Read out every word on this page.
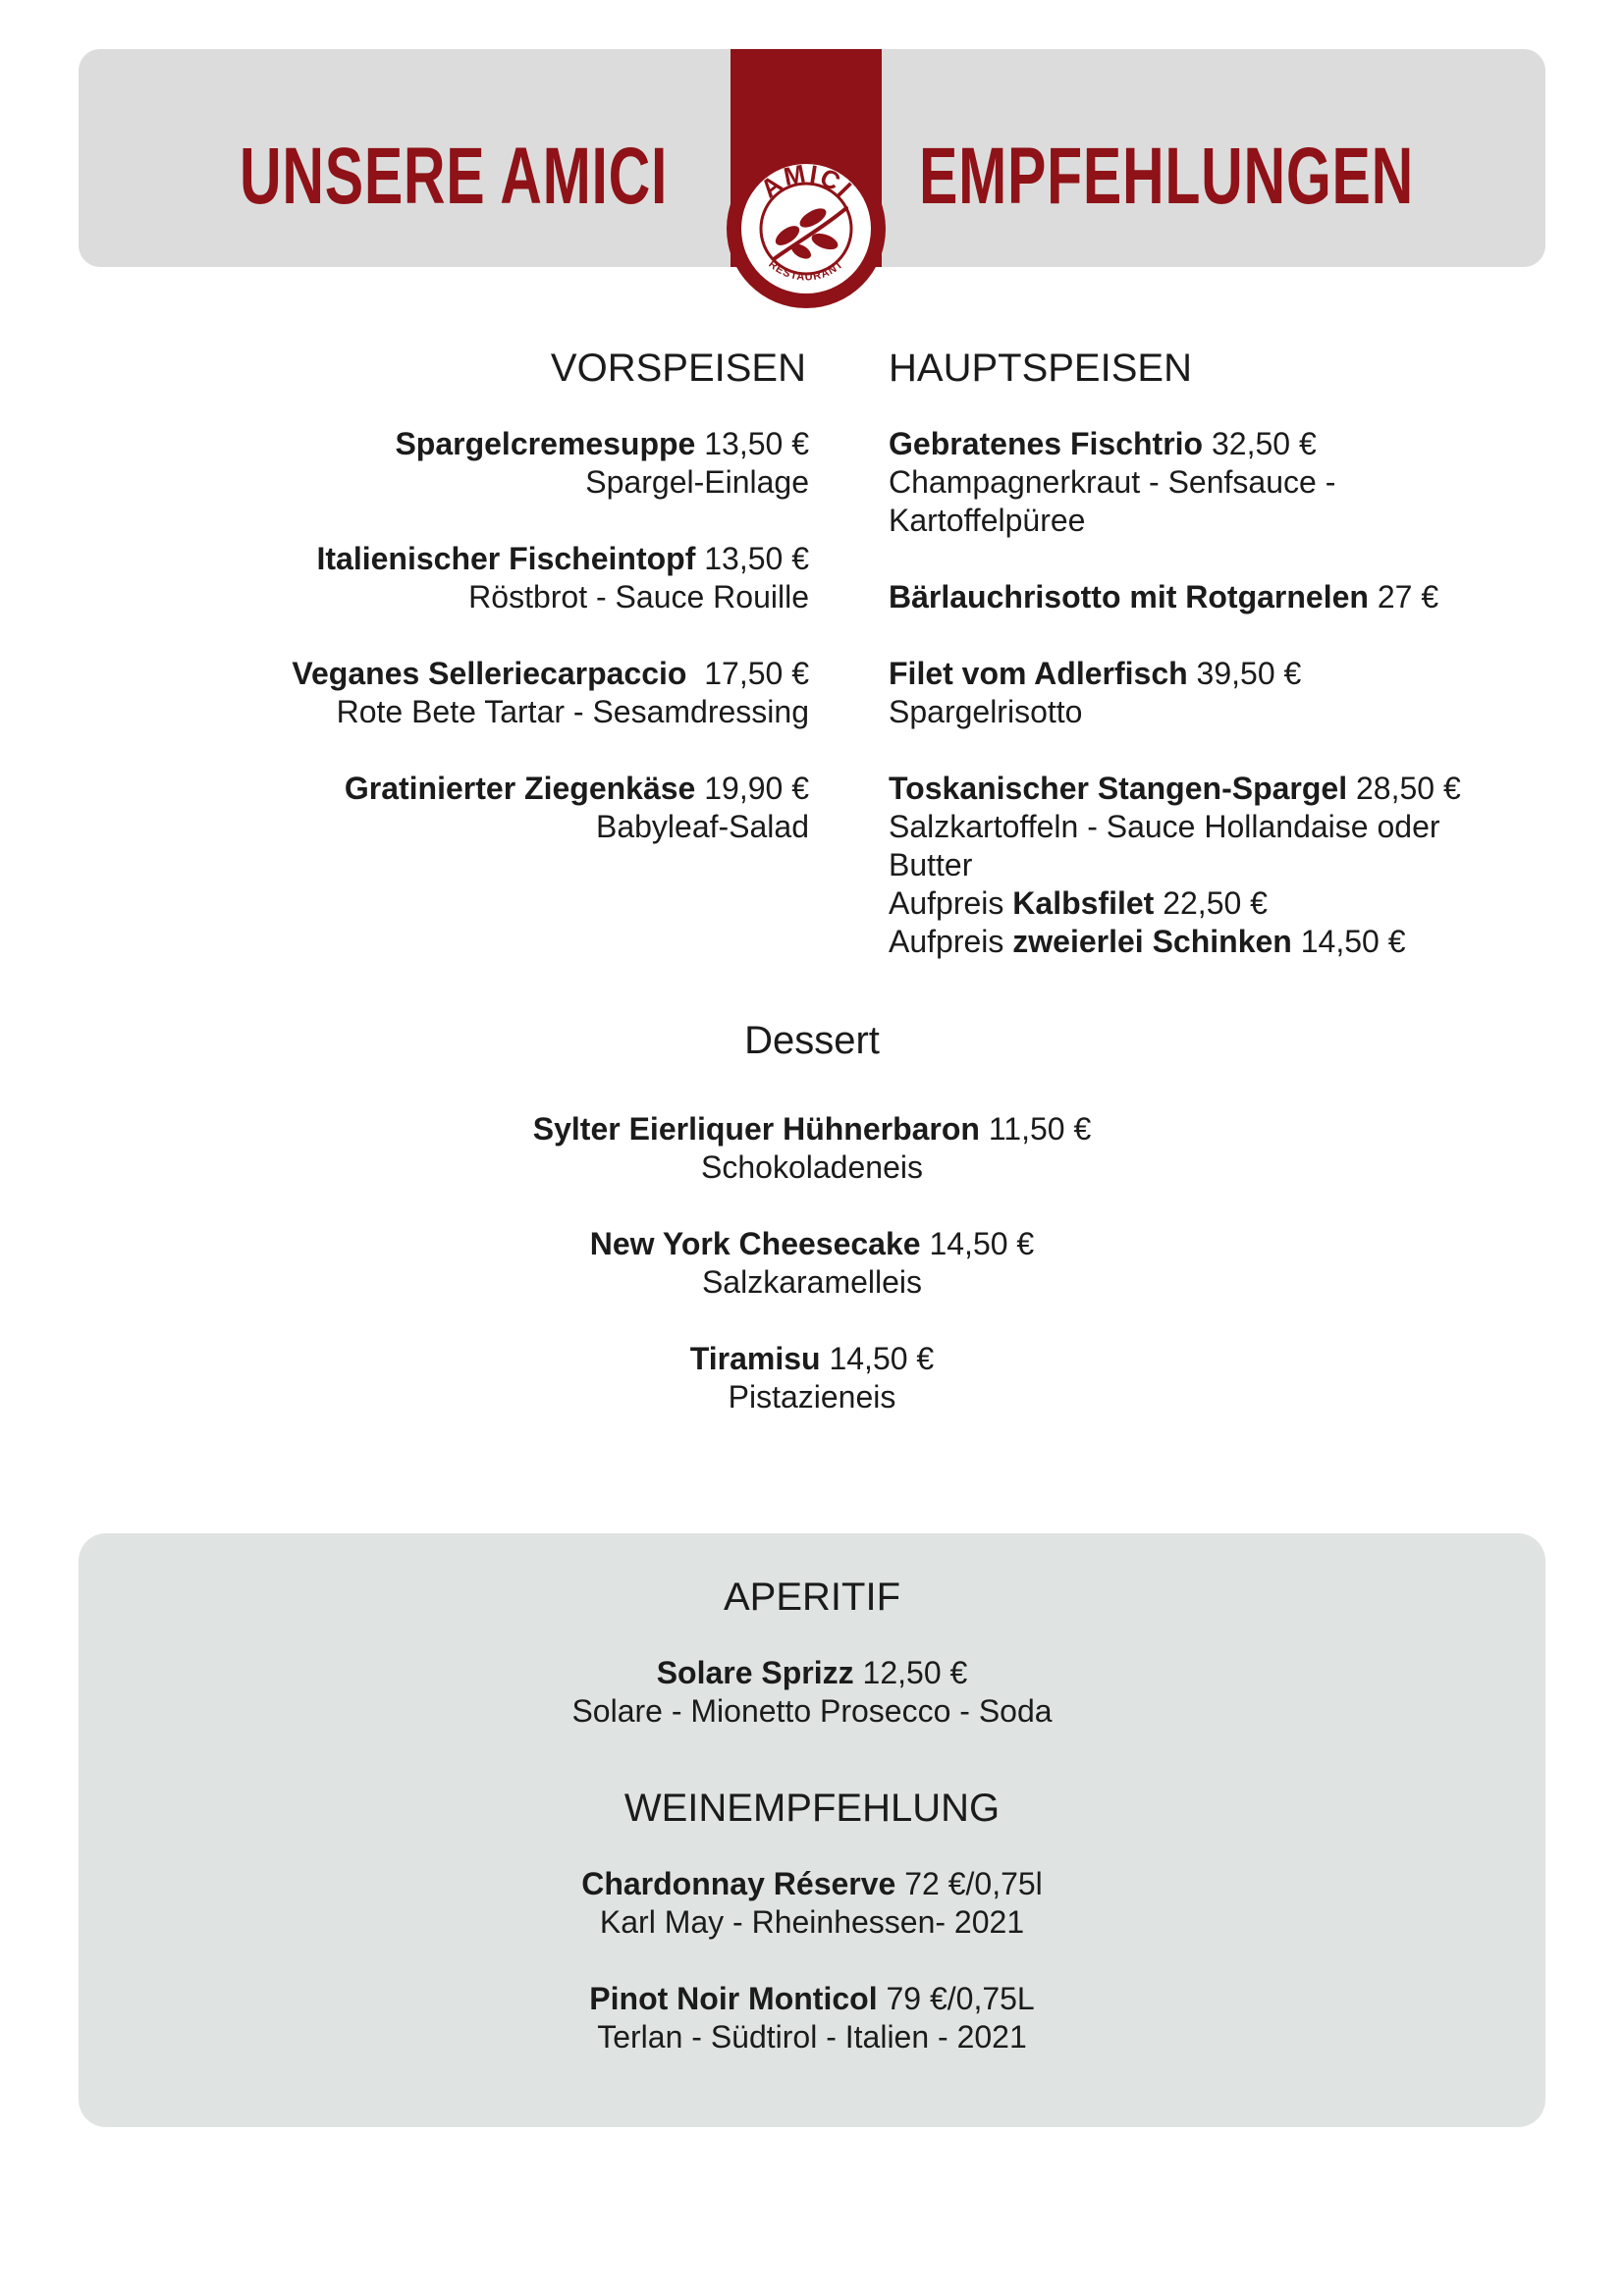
AMICI
RESTAURANT
UNSERE AMICI	EMPFEHLUNGEN
VORSPEISEN HAUPTSPEISEN
Spargelcremesuppe 13,50 €
Spargel-Einlage
Italienischer Fischeintopf 13,50 €
Röstbrot - Sauce Rouille
Veganes Selleriecarpaccio 17,50 €
Rote Bete Tartar - Sesamdressing
Gratinierter Ziegenkäse 19,90 €
Babyleaf-Salad
Gebratenes Fischtrio 32,50 €
Champagnerkraut - Senfsauce - Kartoffelpüree
Bärlauchrisotto mit Rotgarnelen 27 €
Filet vom Adlerfisch 39,50 €
Spargelrisotto
Toskanischer Stangen-Spargel 28,50 €
Salzkartoffeln - Sauce Hollandaise oder Butter
Aufpreis Kalbsfilet 22,50 €
Aufpreis zweierlei Schinken 14,50 €
Dessert
Sylter Eierliquer Hühnerbaron 11,50 €
Schokoladeneis
New York Cheesecake 14,50 €
Salzkaramelleis
Tiramisu 14,50 €
Pistazieneis
APERITIF
Solare Sprizz 12,50 €
Solare - Mionetto Prosecco - Soda
WEINEMPFEHLUNG
Chardonnay Réserve 72 €/0,75l
Karl May - Rheinhessen- 2021
Pinot Noir Monticol 79 €/0,75L
Terlan - Südtirol - Italien - 2021
